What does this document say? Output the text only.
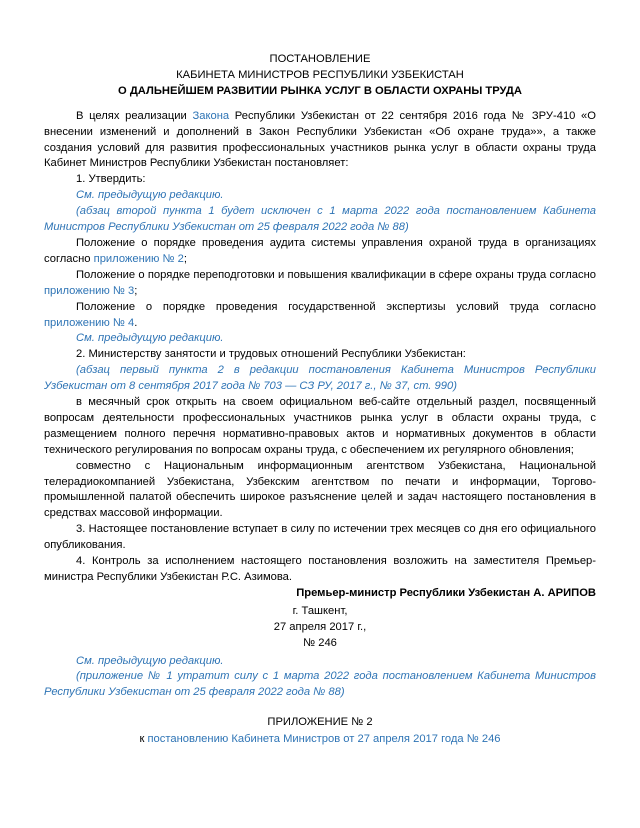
ПОСТАНОВЛЕНИЕ
КАБИНЕТА МИНИСТРОВ РЕСПУБЛИКИ УЗБЕКИСТАН
О ДАЛЬНЕЙШЕМ РАЗВИТИИ РЫНКА УСЛУГ В ОБЛАСТИ ОХРАНЫ ТРУДА

В целях реализации Закона Республики Узбекистан от 22 сентября 2016 года № ЗРУ-410 «О внесении изменений и дополнений в Закон Республики Узбекистан «Об охране труда»», а также создания условий для развития профессиональных участников рынка услуг в области охраны труда Кабинет Министров Республики Узбекистан постановляет:

1. Утвердить:

См. предыдущую редакцию.

(абзац второй пункта 1 будет исключен с 1 марта 2022 года постановлением Кабинета Министров Республики Узбекистан от 25 февраля 2022 года № 88)

Положение о порядке проведения аудита системы управления охраной труда в организациях согласно приложению № 2;

Положение о порядке переподготовки и повышения квалификации в сфере охраны труда согласно приложению № 3;

Положение о порядке проведения государственной экспертизы условий труда согласно приложению № 4.

См. предыдущую редакцию.

2. Министерству занятости и трудовых отношений Республики Узбекистан:

(абзац первый пункта 2 в редакции постановления Кабинета Министров Республики Узбекистан от 8 сентября 2017 года № 703 — СЗ РУ, 2017 г., № 37, ст. 990)

в месячный срок открыть на своем официальном веб-сайте отдельный раздел, посвященный вопросам деятельности профессиональных участников рынка услуг в области охраны труда, с размещением полного перечня нормативно-правовых актов и нормативных документов в области технического регулирования по вопросам охраны труда, с обеспечением их регулярного обновления;

совместно с Национальным информационным агентством Узбекистана, Национальной телерадиокомпанией Узбекистана, Узбекским агентством по печати и информации, Торгово-промышленной палатой обеспечить широкое разъяснение целей и задач настоящего постановления в средствах массовой информации.

3. Настоящее постановление вступает в силу по истечении трех месяцев со дня его официального опубликования.

4. Контроль за исполнением настоящего постановления возложить на заместителя Премьер-министра Республики Узбекистан Р.С. Азимова.

Премьер-министр Республики Узбекистан А. АРИПОВ

г. Ташкент,
27 апреля 2017 г.,
№ 246

См. предыдущую редакцию.

(приложение № 1 утратит силу с 1 марта 2022 года постановлением Кабинета Министров Республики Узбекистан от 25 февраля 2022 года № 88)

ПРИЛОЖЕНИЕ № 2
к постановлению Кабинета Министров от 27 апреля 2017 года № 246
